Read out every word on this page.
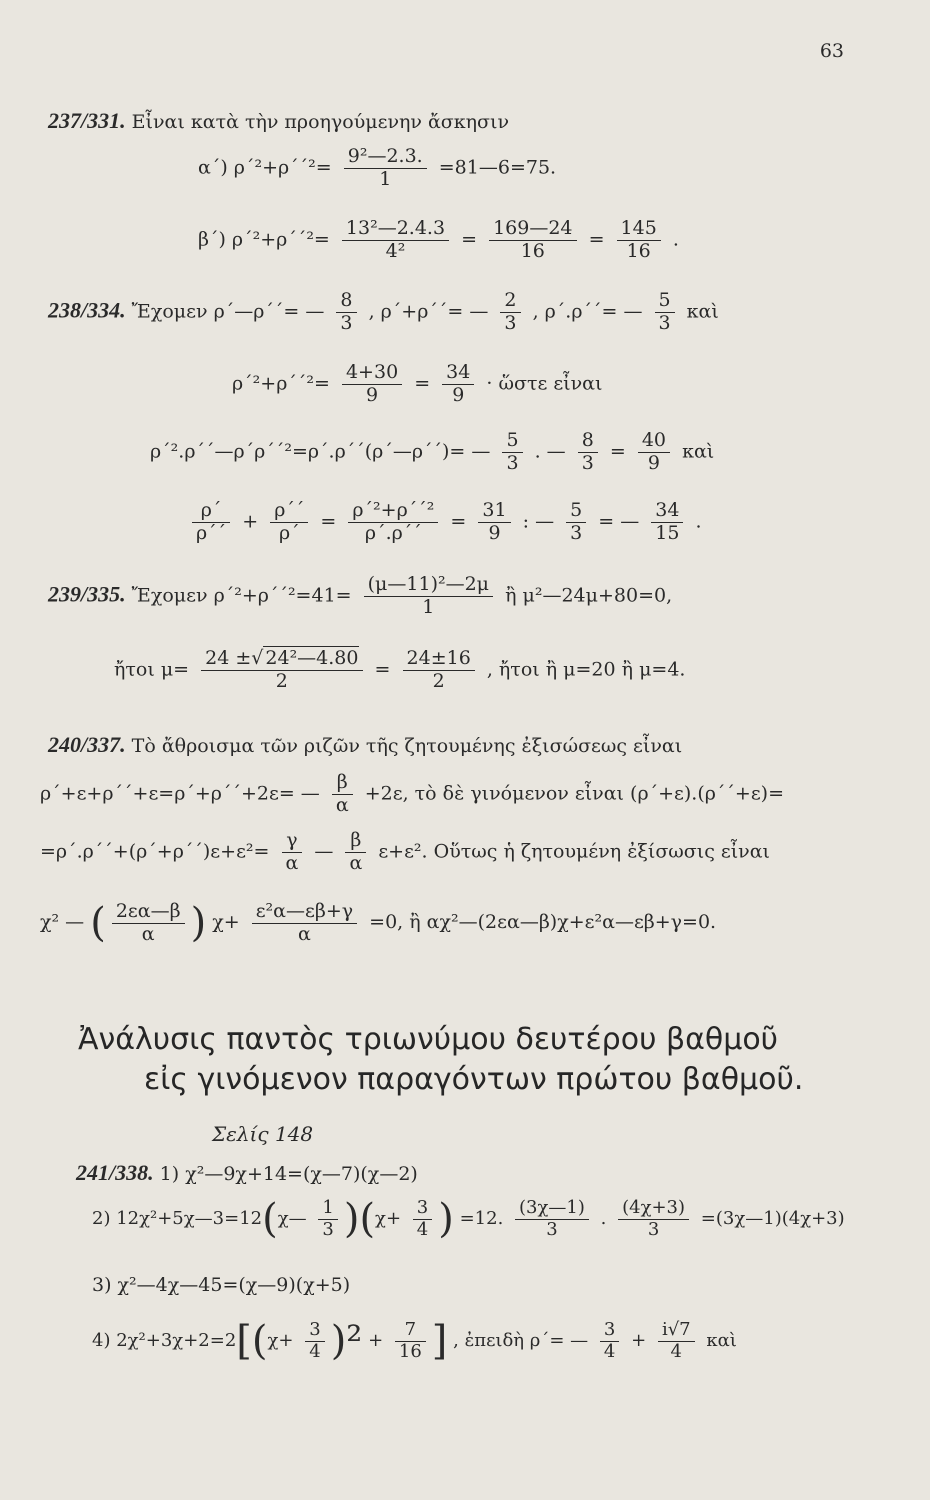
63
237/331. Εἶναι κατὰ τὴν προηγούμενην ἄσκησιν
α΄) $\rho΄^2+\rho΄΄^2= \frac{\text{9²—2.3.}}{1}$ =81—6=75.
β΄) $\rho΄^2+\rho΄΄^2= \frac{\text{13²—2.4.3}}{\text{4²}} = \frac{169—24}{16} = \frac{145}{16}$ .
238/334. Ἔχομεν ρ΄—ρ΄΄= — $\frac{8}{3}$ , ρ΄+ρ΄΄= — $\frac{2}{3}$ , ρ΄.ρ΄΄= — $\frac{5}{3}$ καὶ
$\rho΄^2+\rho΄΄^2= \frac{4+30}{9} = \frac{34}{9}$ · ὥστε εἶναι
ρ΄².ρ΄΄—ρ΄ρ΄΄²=ρ΄.ρ΄΄(ρ΄—ρ΄΄)= — $\frac{5}{3}$ . — $\frac{8}{3} = \frac{40}{9}$ καὶ
$\frac{\rho΄}{\rho΄΄} + \frac{\rho΄΄}{\rho΄} = \frac{\text{ρ΄²+ρ΄΄²}}{\rho΄.\rho΄΄} = \frac{31}{9}$ : — $\frac{5}{3}$ = — $\frac{34}{15}$ .
239/335. Ἔχομεν $\rho΄^2+\rho΄΄^2=41= \frac{\text{(μ—11)²—2μ}}{1}$ ἢ μ²—24μ+80=0,
ἤτοι $\mu= \frac{\text{24 ±√ 24²—4.80}}{2} = \frac{24\pm 16}{2}$ , ἤτοι ἢ μ=20 ἢ μ=4.
240/337. Τὸ ἄθροισμα τῶν ριζῶν τῆς ζητουμένης ἐξισώσεως εἶναι
ρ΄+ε+ρ΄΄+ε=ρ΄+ρ΄΄+2ε= — $\frac{\beta}{\alpha} +2\varepsilon$, τὸ δὲ γινόμενον εἶναι (ρ΄+ε).(ρ΄΄+ε)=
$=\rho΄.\rho΄΄+(\rho΄+\rho΄΄)\varepsilon+\varepsilon^2= \frac{\gamma}{\alpha}$ — $\frac{\beta}{\alpha} \varepsilon+\varepsilon^2$. Οὕτως ἡ ζητουμένη ἐξίσωσις εἶναι
χ² — ( $\frac{2\varepsilon\alpha—\beta}{\alpha}$ ) $\chi+ \frac{\text{ε²α—εβ+γ}}{\alpha} =0$, ἢ αχ²—(2εα—β)χ+ε²α—εβ+γ=0.
Ἀνάλυσις παντὸς τριωνύμου δευτέρου βαθμοῦ
εἰς γινόμενον παραγόντων πρώτου βαθμοῦ.
Σελίς 148
241/338. 1) χ²—9χ+14=(χ—7)(χ—2)
2) 12χ²+5χ—3=12(χ— $\frac{1}{3} )(\chi+ \frac{3}{4}$ ) =12. $\frac{(3\chi—1)}{3}$ . $\frac{(4\chi+3)}{3}$ =(3χ—1)(4χ+3)
3) χ²—4χ—45=(χ—9)(χ+5)
4) $2\chi^2+3\chi+2=2[(\chi+ \frac{3}{4} )^2 + \frac{7}{16}$ ] , ἐπειδὴ ρ΄= — $\frac{3}{4} + \frac{i√7}{4}$ καὶ
